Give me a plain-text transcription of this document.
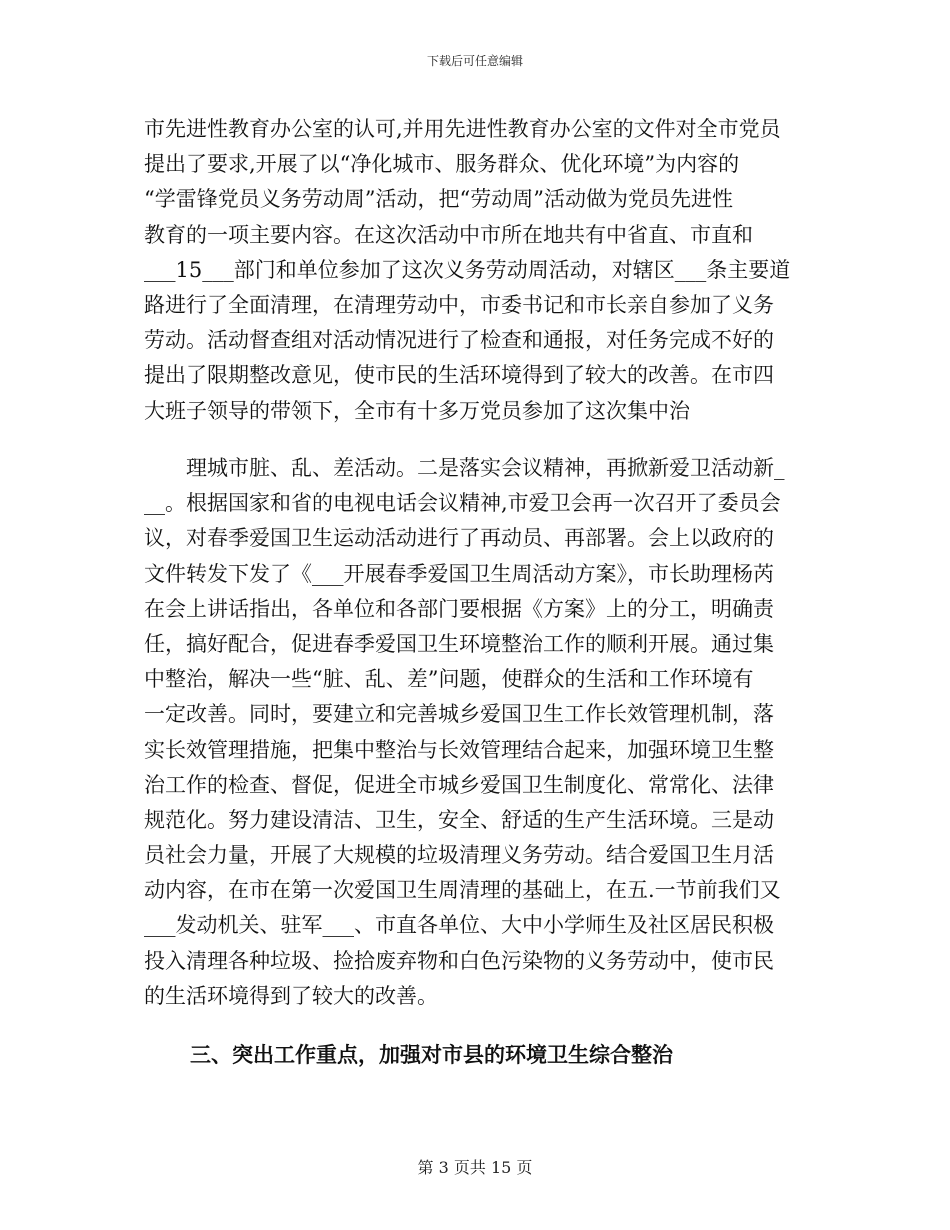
下载后可任意编辑
市先进性教育办公室的认可,并用先进性教育办公室的文件对全市党员
提出了要求,开展了以“净化城市、服务群众、优化环境”为内容的
“学雷锋党员义务劳动周”活动，把“劳动周”活动做为党员先进性
教育的一项主要内容。在这次活动中市所在地共有中省直、市直和
___15___部门和单位参加了这次义务劳动周活动，对辖区___条主要道
路进行了全面清理，在清理劳动中，市委书记和市长亲自参加了义务
劳动。活动督查组对活动情况进行了检查和通报，对任务完成不好的
提出了限期整改意见，使市民的生活环境得到了较大的改善。在市四
大班子领导的带领下，全市有十多万党员参加了这次集中治
理城市脏、乱、差活动。二是落实会议精神，再掀新爱卫活动新_
__。根据国家和省的电视电话会议精神,市爱卫会再一次召开了委员会
议，对春季爱国卫生运动活动进行了再动员、再部署。会上以政府的
文件转发下发了《___开展春季爱国卫生周活动方案》，市长助理杨芮
在会上讲话指出，各单位和各部门要根据《方案》上的分工，明确责
任，搞好配合，促进春季爱国卫生环境整治工作的顺利开展。通过集
中整治，解决一些“脏、乱、差”问题，使群众的生活和工作环境有
一定改善。同时，要建立和完善城乡爱国卫生工作长效管理机制，落
实长效管理措施，把集中整治与长效管理结合起来，加强环境卫生整
治工作的检查、督促，促进全市城乡爱国卫生制度化、常常化、法律
规范化。努力建设清洁、卫生，安全、舒适的生产生活环境。三是动
员社会力量，开展了大规模的垃圾清理义务劳动。结合爱国卫生月活
动内容，在市在第一次爱国卫生周清理的基础上，在五.一节前我们又
___发动机关、驻军___、市直各单位、大中小学师生及社区居民积极
投入清理各种垃圾、捡拾废弃物和白色污染物的义务劳动中，使市民
的生活环境得到了较大的改善。
三、突出工作重点，加强对市县的环境卫生综合整治
第 3 页共 15 页
